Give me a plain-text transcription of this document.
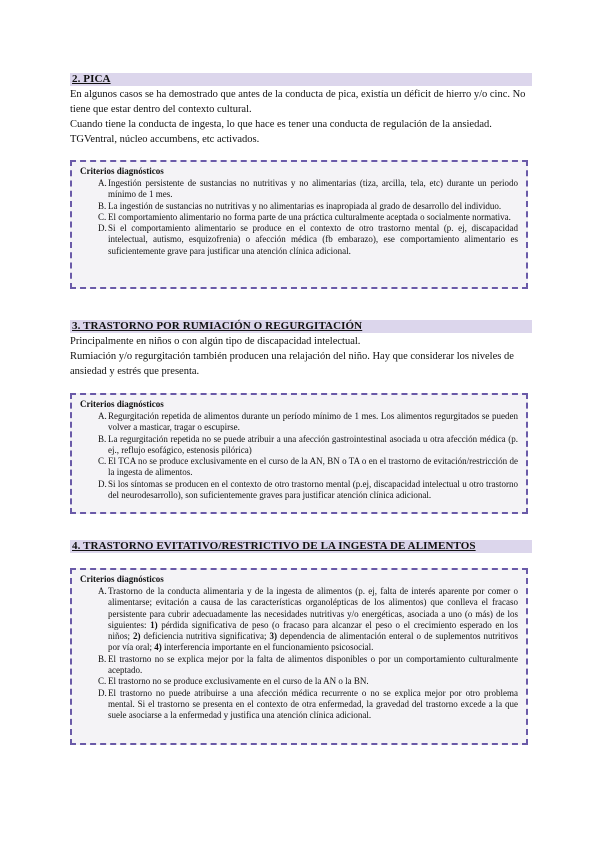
2. PICA

En algunos casos se ha demostrado que antes de la conducta de pica, existía un déficit de hierro y/o cinc. No tiene que estar dentro del contexto cultural.

Cuando tiene la conducta de ingesta, lo que hace es tener una conducta de regulación de la ansiedad. TGVentral, núcleo accumbens, etc activados.

Criterios diagnósticos
A. Ingestión persistente de sustancias no nutritivas y no alimentarias (tiza, arcilla, tela, etc) durante un periodo mínimo de 1 mes.
B. La ingestión de sustancias no nutritivas y no alimentarias es inapropiada al grado de desarrollo del individuo.
C. El comportamiento alimentario no forma parte de una práctica culturalmente aceptada o socialmente normativa.
D. Si el comportamiento alimentario se produce en el contexto de otro trastorno mental (p. ej, discapacidad intelectual, autismo, esquizofrenia) o afección médica (fb embarazo), ese comportamiento alimentario es suficientemente grave para justificar una atención clínica adicional.
3. TRASTORNO POR RUMIACIÓN O REGURGITACIÓN

Principalmente en niños o con algún tipo de discapacidad intelectual.

Rumiación y/o regurgitación también producen una relajación del niño. Hay que considerar los niveles de ansiedad y estrés que presenta.

Criterios diagnósticos
A. Regurgitación repetida de alimentos durante un período mínimo de 1 mes. Los alimentos regurgitados se pueden volver a masticar, tragar o escupirse.
B. La regurgitación repetida no se puede atribuir a una afección gastrointestinal asociada u otra afección médica (p. ej., reflujo esofágico, estenosis pilórica)
C. El TCA no se produce exclusivamente en el curso de la AN, BN o TA o en el trastorno de evitación/restricción de la ingesta de alimentos.
D. Si los síntomas se producen en el contexto de otro trastorno mental (p.ej, discapacidad intelectual u otro trastorno del neurodesarrollo), son suficientemente graves para justificar atención clínica adicional.
4. TRASTORNO EVITATIVO/RESTRICTIVO DE LA INGESTA DE ALIMENTOS
Criterios diagnósticos
A. Trastorno de la conducta alimentaria y de la ingesta de alimentos (p. ej, falta de interés aparente por comer o alimentarse; evitación a causa de las características organolépticas de los alimentos) que conlleva el fracaso persistente para cubrir adecuadamente las necesidades nutritivas y/o energéticas, asociada a uno (o más) de los siguientes: 1) pérdida significativa de peso (o fracaso para alcanzar el peso o el crecimiento esperado en los niños; 2) deficiencia nutritiva significativa; 3) dependencia de alimentación enteral o de suplementos nutritivos por vía oral; 4) interferencia importante en el funcionamiento psicosocial.
B. El trastorno no se explica mejor por la falta de alimentos disponibles o por un comportamiento culturalmente aceptado.
C. El trastorno no se produce exclusivamente en el curso de la AN o la BN.
D. El trastorno no puede atribuirse a una afección médica recurrente o no se explica mejor por otro problema mental. Si el trastorno se presenta en el contexto de otra enfermedad, la gravedad del trastorno excede a la que suele asociarse a la enfermedad y justifica una atención clínica adicional.
